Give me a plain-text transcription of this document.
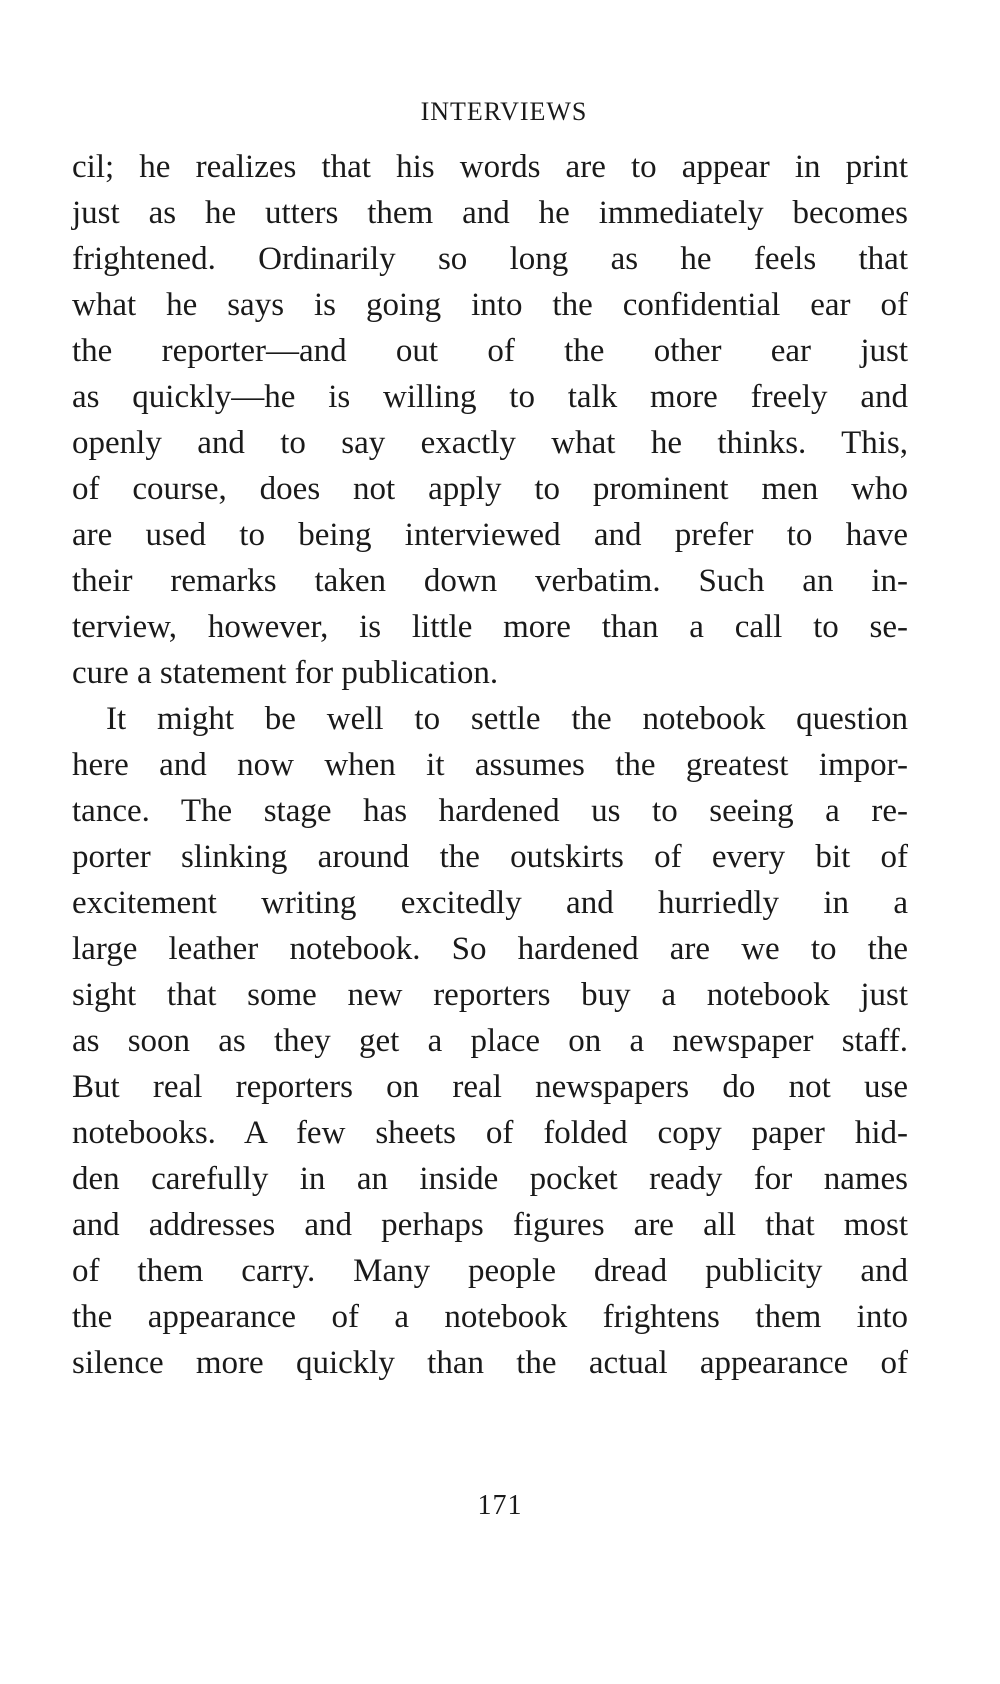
INTERVIEWS
cil; he realizes that his words are to appear in print
just as he utters them and he immediately becomes
frightened. Ordinarily so long as he feels that
what he says is going into the confidential ear of
the reporter—and out of the other ear just
as quickly—he is willing to talk more freely and
openly and to say exactly what he thinks. This,
of course, does not apply to prominent men who
are used to being interviewed and prefer to have
their remarks taken down verbatim. Such an in-
terview, however, is little more than a call to se-
cure a statement for publication.
It might be well to settle the notebook question
here and now when it assumes the greatest impor-
tance. The stage has hardened us to seeing a re-
porter slinking around the outskirts of every bit of
excitement writing excitedly and hurriedly in a
large leather notebook. So hardened are we to the
sight that some new reporters buy a notebook just
as soon as they get a place on a newspaper staff.
But real reporters on real newspapers do not use
notebooks. A few sheets of folded copy paper hid-
den carefully in an inside pocket ready for names
and addresses and perhaps figures are all that most
of them carry. Many people dread publicity and
the appearance of a notebook frightens them into
silence more quickly than the actual appearance of
171
